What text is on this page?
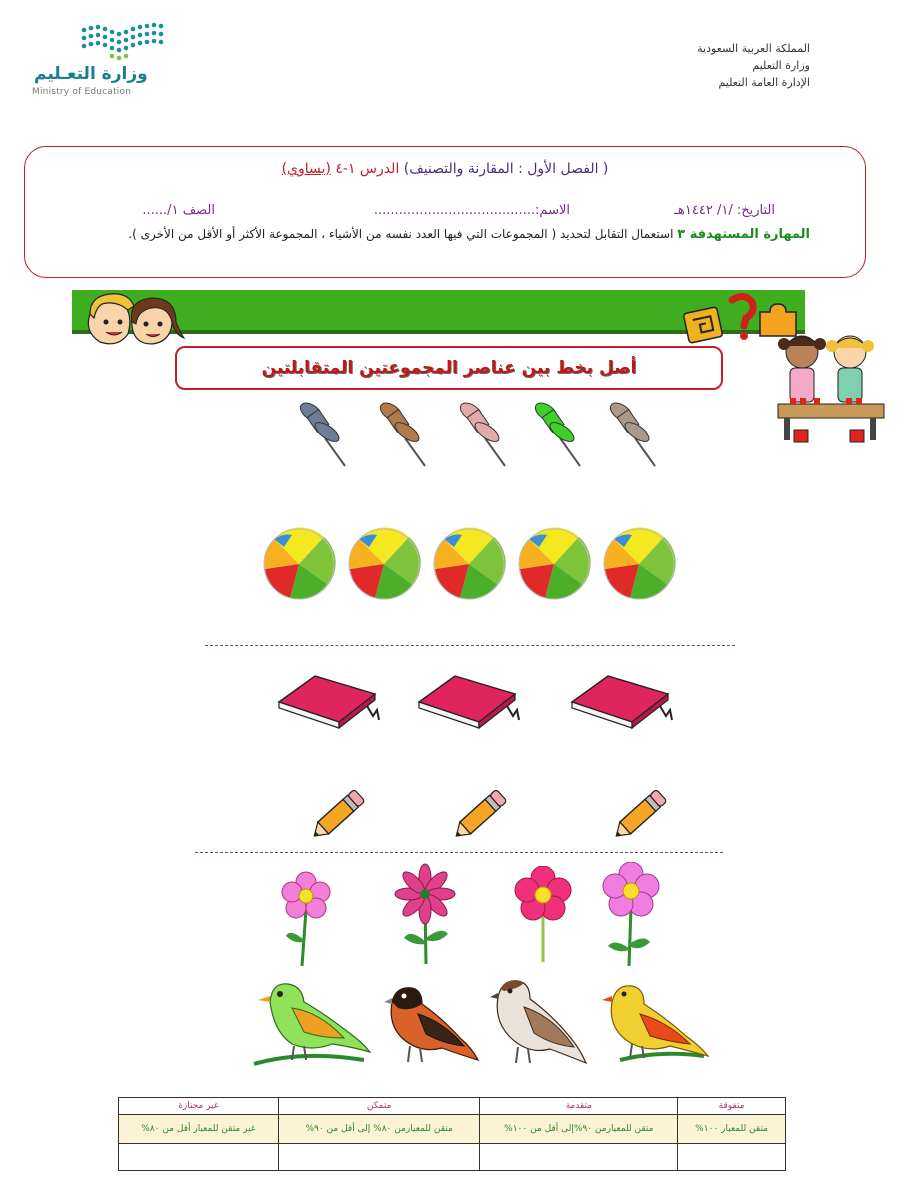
وزارة التعـليم
Ministry of Education
المملكة العربية السعودية
وزارة التعليم
الإدارة العامة التعليم
( الفصل الأول : المقارنة والتصنيف) الدرس ١-٤ (يساوي)
التاريخ: /١/ ١٤٤٢هـ
الاسم:.......................................
الصف ١/......
المهارة المستهدفة ٣ استعمال التقابل لتحديد ( المجموعات التي فيها العدد نفسه من الأشياء ، المجموعة الأكثر أو الأقل من الأخرى ).
أصل بخط بين عناصر المجموعتين المتقابلتين
متفوقة	متقدمة	متمكن	غير مجتازة
متقن للمعيار ١٠٠%	متقن للمعيارمن ٩٠%إلى أقل من ١٠٠%	متقن للمعيارمن ٨٠% إلى أقل من ٩٠%	غير متقن للمعيار أقل من ٨٠%
